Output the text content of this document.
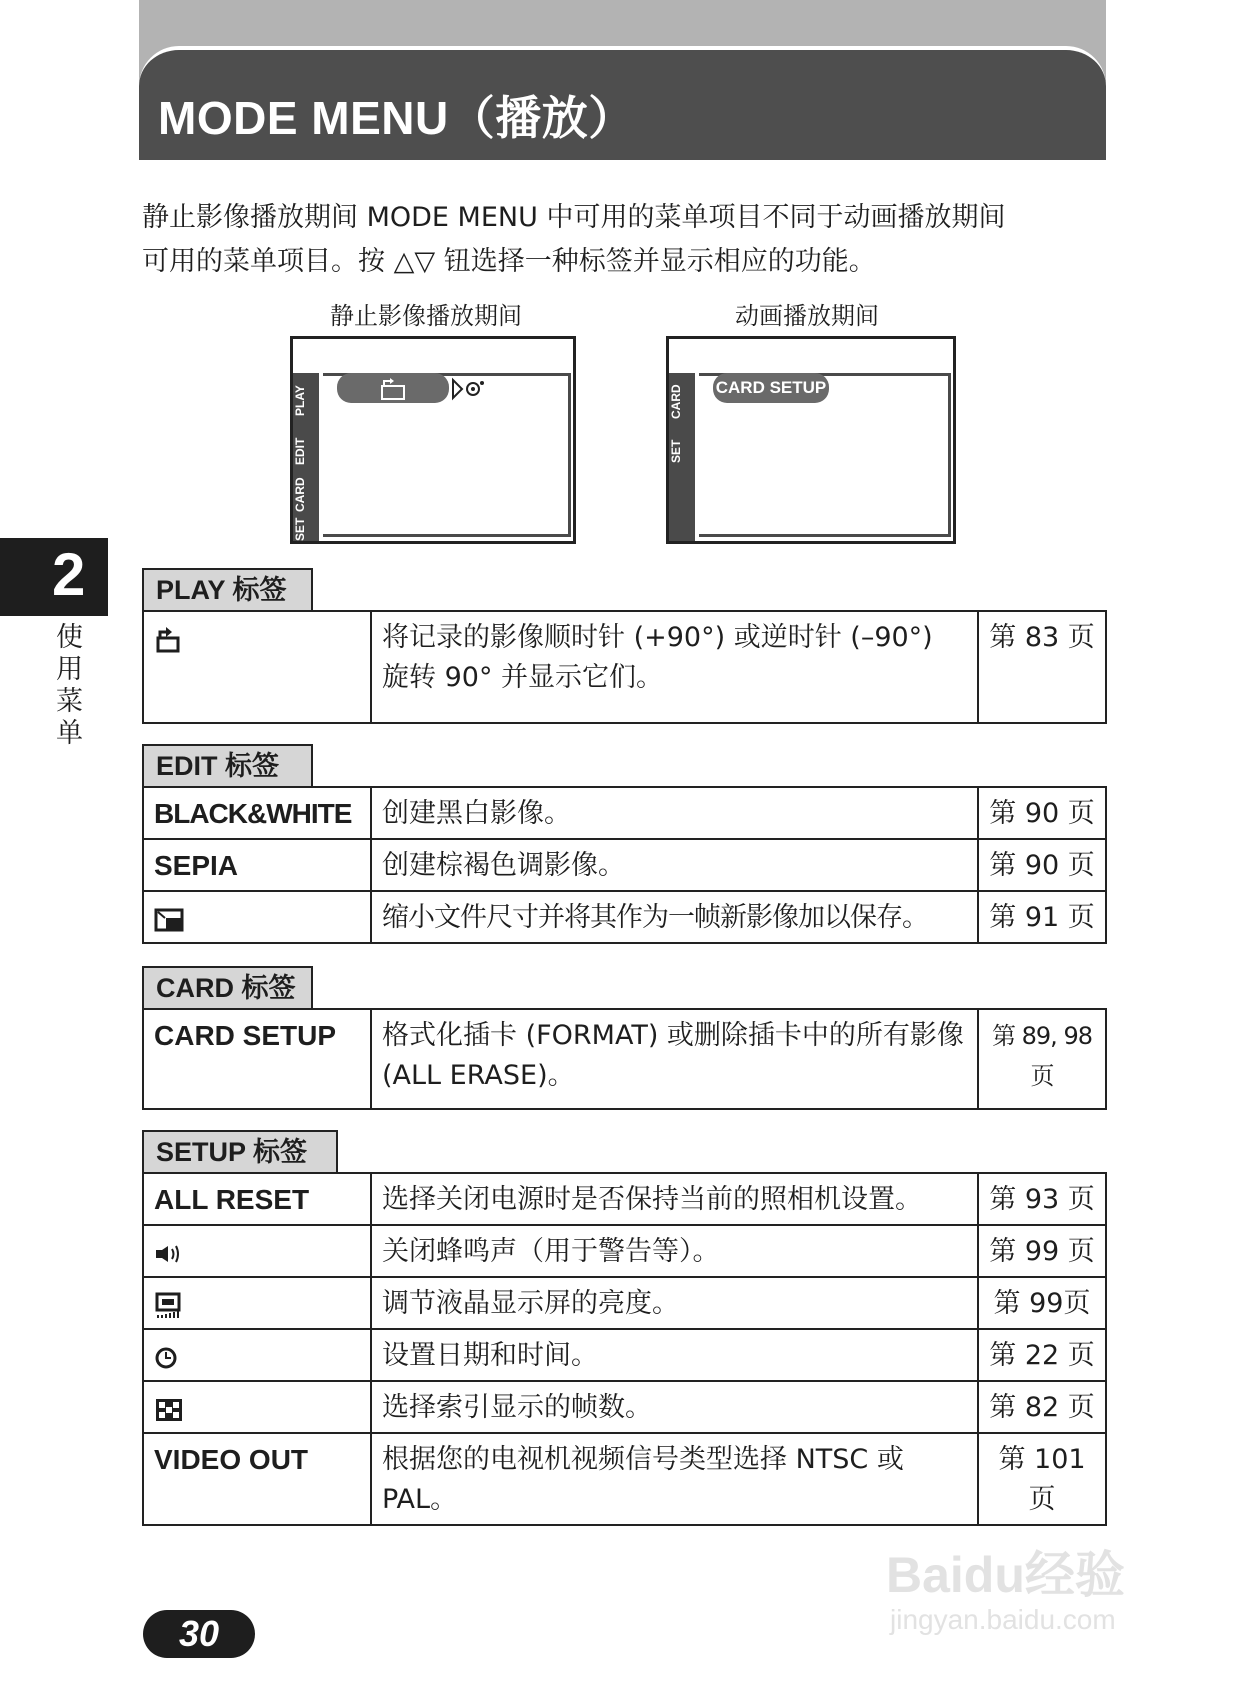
MODE MENU（播放）
静止影像播放期间 MODE MENU 中可用的菜单项目不同于动画播放期间
可用的菜单项目。按 △▽ 钮选择一种标签并显示相应的功能。
静止影像播放期间	动画播放期间
PLAY
EDIT
CARD
SET
CARD
SET
CARD SETUP
2
使用菜单
PLAY 标签
	将记录的影像顺时针 (+90°) 或逆时针 (–90°) 旋转 90° 并显示它们。	第 83 页
EDIT 标签
BLACK&WHITE	创建黑白影像。	第 90 页
SEPIA	创建棕褐色调影像。	第 90 页
	缩小文件尺寸并将其作为一帧新影像加以保存。	第 91 页
CARD 标签
CARD SETUP	格式化插卡 (FORMAT) 或删除插卡中的所有影像 (ALL ERASE)。	第 89, 98 页
SETUP 标签
ALL RESET	选择关闭电源时是否保持当前的照相机设置。	第 93 页
	关闭蜂鸣声（用于警告等）。	第 99 页
	调节液晶显示屏的亮度。	第 99页
	设置日期和时间。	第 22 页
	选择索引显示的帧数。	第 82 页
VIDEO OUT	根据您的电视机视频信号类型选择 NTSC 或 PAL。	第 101 页
30
Baidu经验
jingyan.baidu.com
